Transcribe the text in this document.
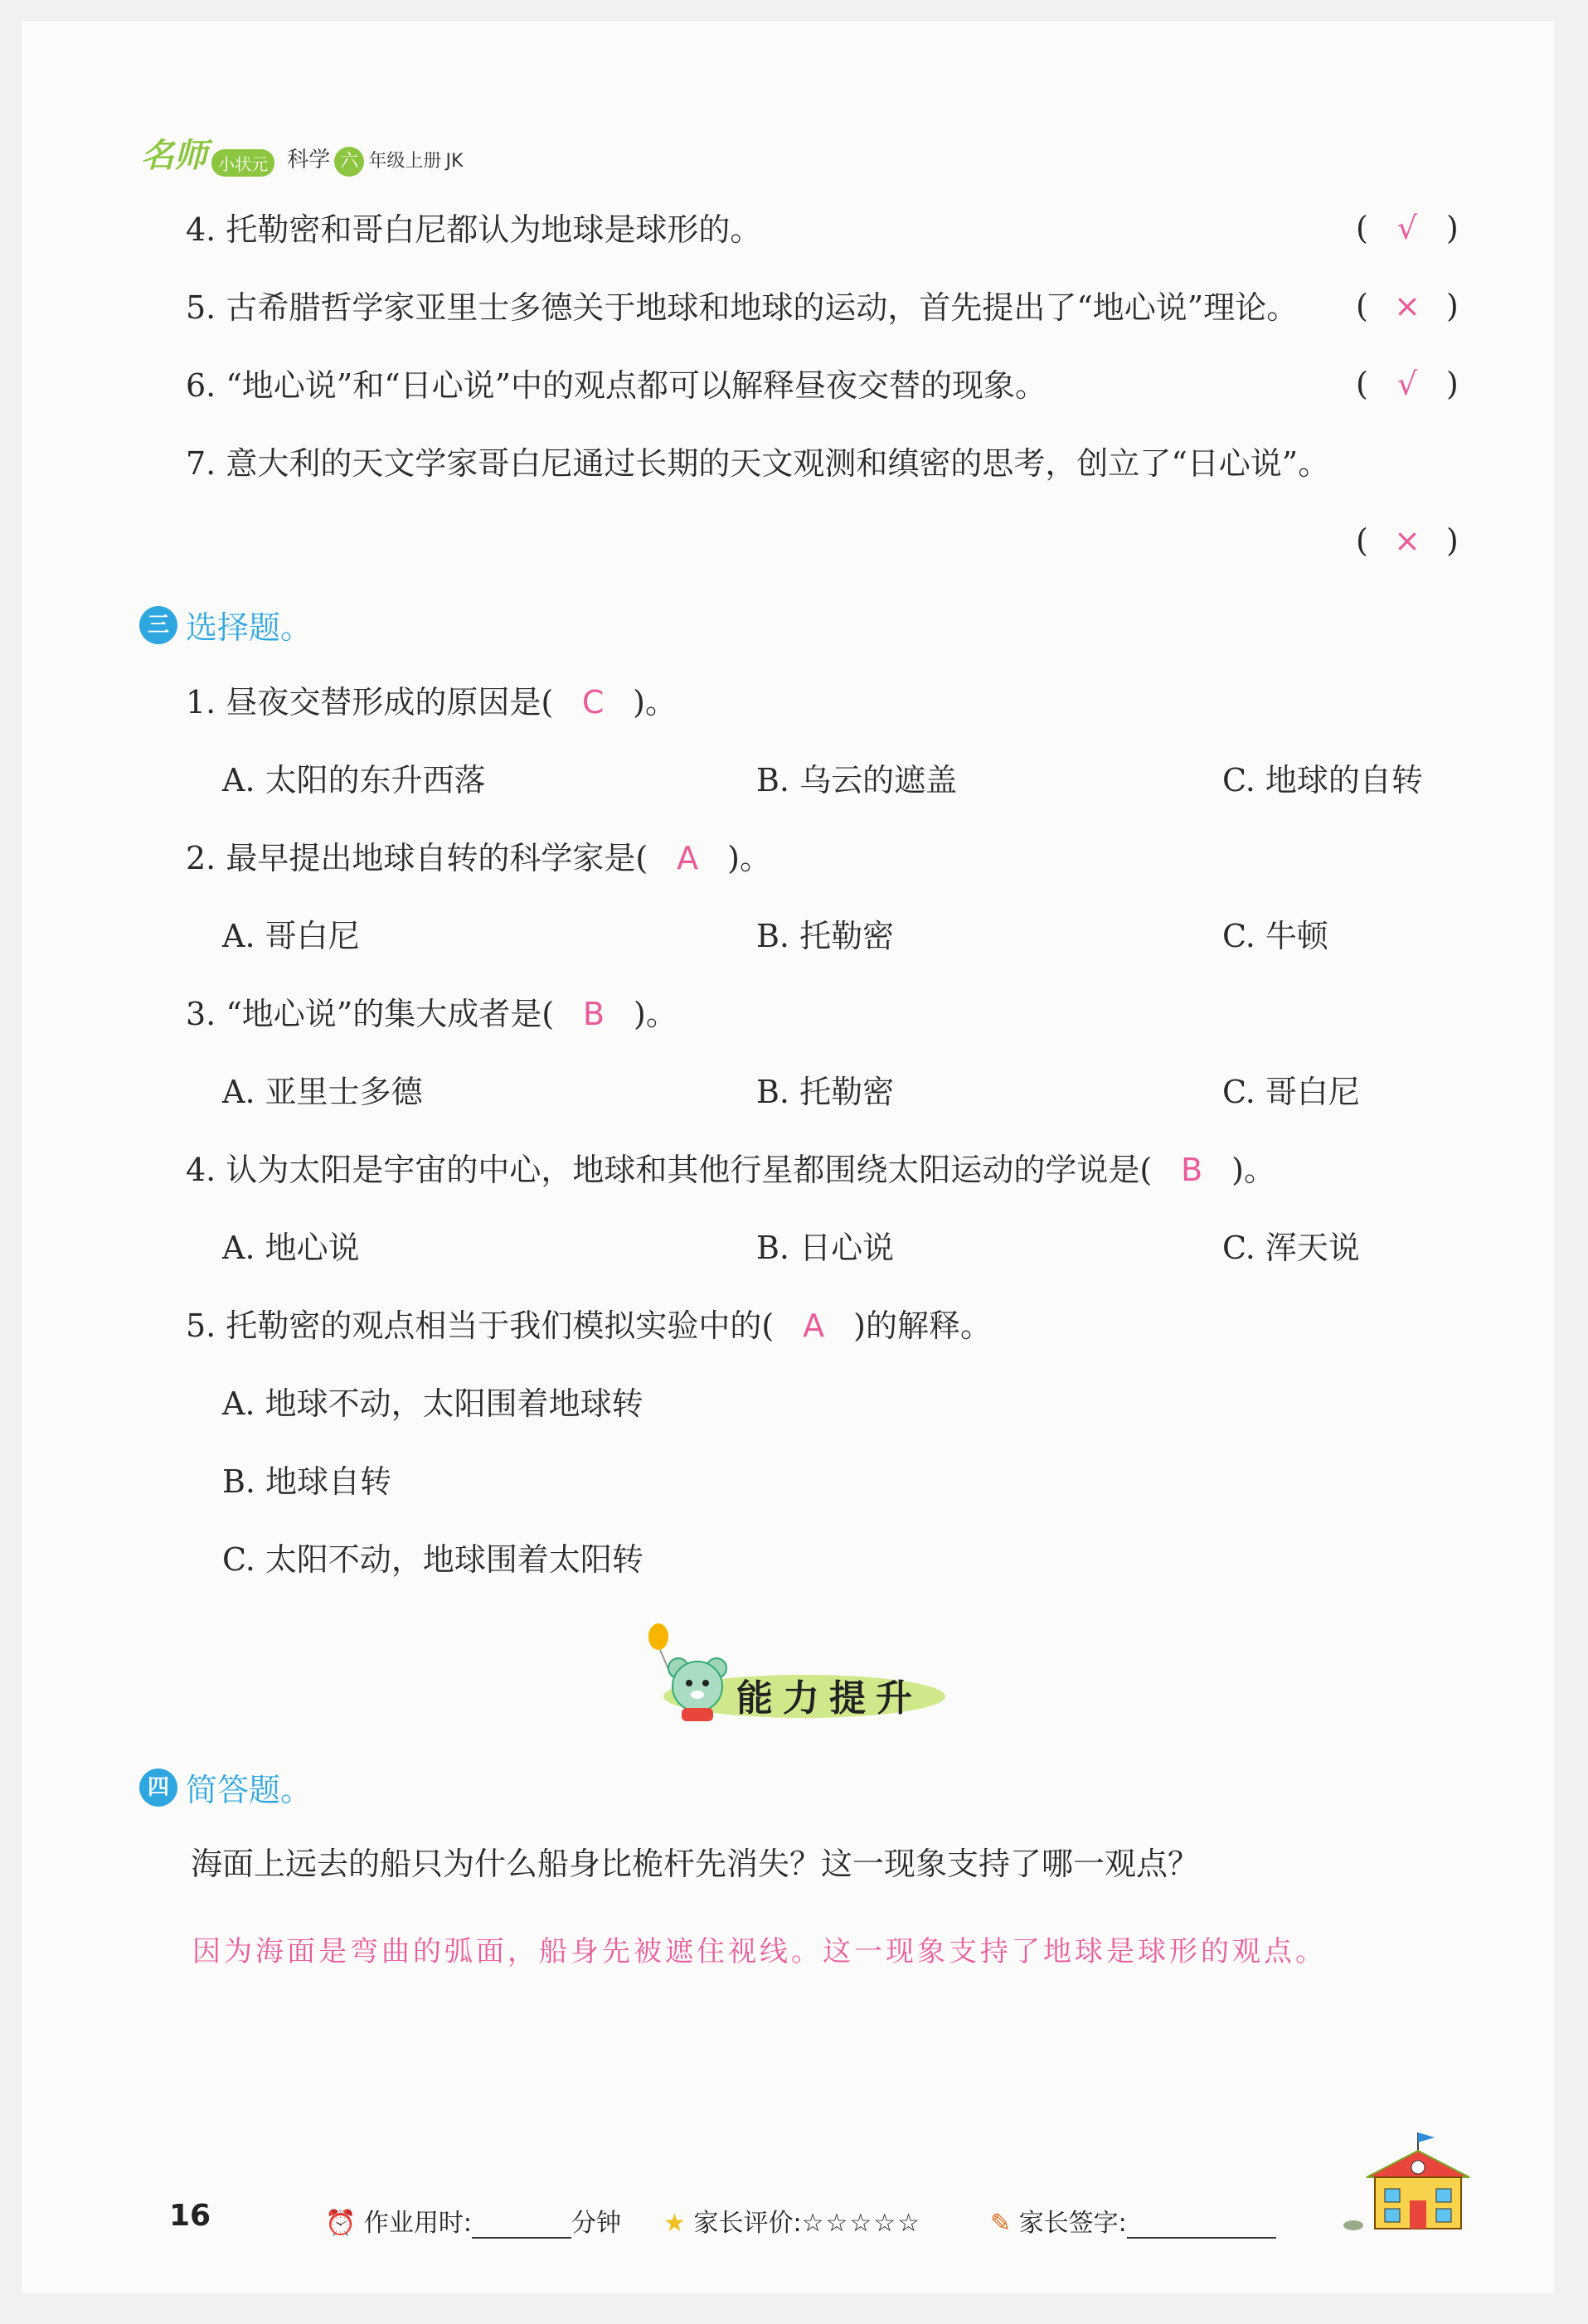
名师 小状元 科学 六 年级上册 JK
4. 托勒密和哥白尼都认为地球是球形的。	( √ )
5. 古希腊哲学家亚里士多德关于地球和地球的运动，首先提出了“地心说”理论。 ( × )
6. “地心说”和“日心说”中的观点都可以解释昼夜交替的现象。	( √ )
7. 意大利的天文学家哥白尼通过长期的天文观测和缜密的思考，创立了“日心说”。
( × )
三 选择题。
1. 昼夜交替形成的原因是( C )。
A. 太阳的东升西落	B. 乌云的遮盖	C. 地球的自转
2. 最早提出地球自转的科学家是( A )。
A. 哥白尼	B. 托勒密	C. 牛顿
3. “地心说”的集大成者是( B )。
A. 亚里士多德	B. 托勒密	C. 哥白尼
4. 认为太阳是宇宙的中心，地球和其他行星都围绕太阳运动的学说是( B )。
A. 地心说	B. 日心说	C. 浑天说
5. 托勒密的观点相当于我们模拟实验中的( A )的解释。
A. 地球不动，太阳围着地球转
B. 地球自转
C. 太阳不动，地球围着太阳转
能力提升
四 简答题。
海面上远去的船只为什么船身比桅杆先消失？这一现象支持了哪一观点？
因为海面是弯曲的弧面，船身先被遮住视线。这一现象支持了地球是球形的观点。
16	⏰ 作业用时:	分钟 ★ 家长评价:☆☆☆☆☆	✎ 家长签字:
